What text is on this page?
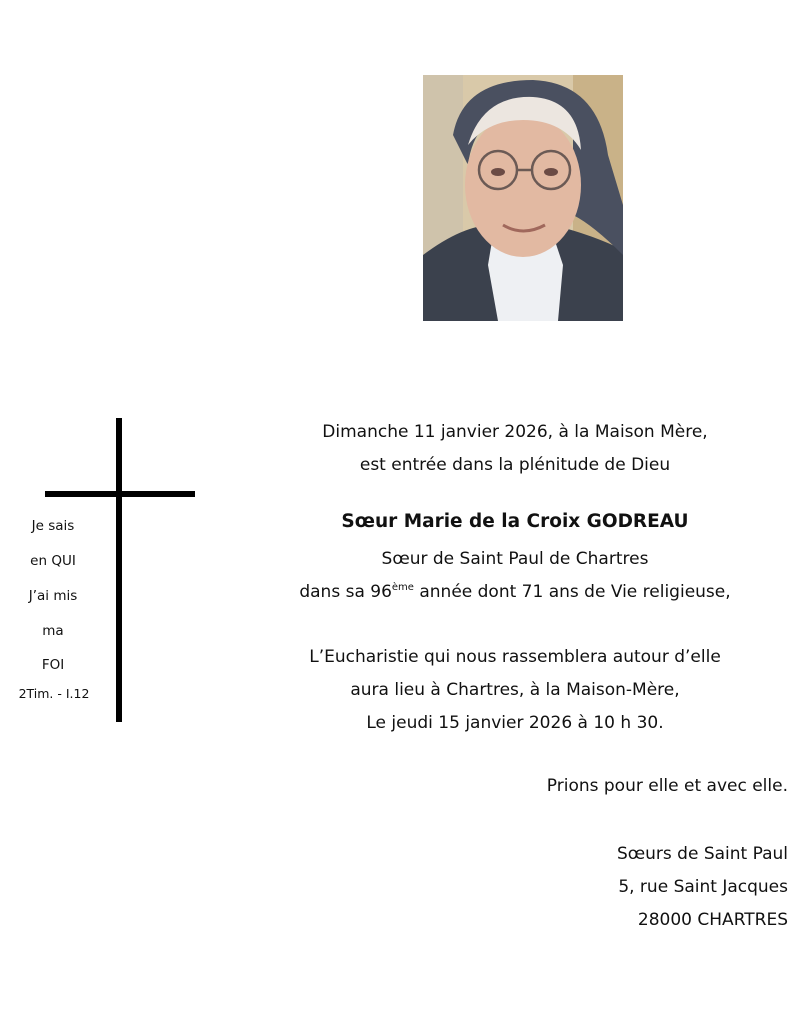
Je sais
en QUI
J’ai mis
ma
FOI
2Tim. - I.12
Dimanche 11 janvier 2026, à la Maison Mère,
est entrée dans la plénitude de Dieu
Sœur Marie de la Croix GODREAU
Sœur de Saint Paul de Chartres
dans sa 96ème année dont 71 ans de Vie religieuse,
L’Eucharistie qui nous rassemblera autour d’elle
aura lieu à Chartres, à la Maison-Mère,
Le jeudi 15 janvier 2026 à 10 h 30.
Prions pour elle et avec elle.
Sœurs de Saint Paul
5, rue Saint Jacques
28000 CHARTRES
